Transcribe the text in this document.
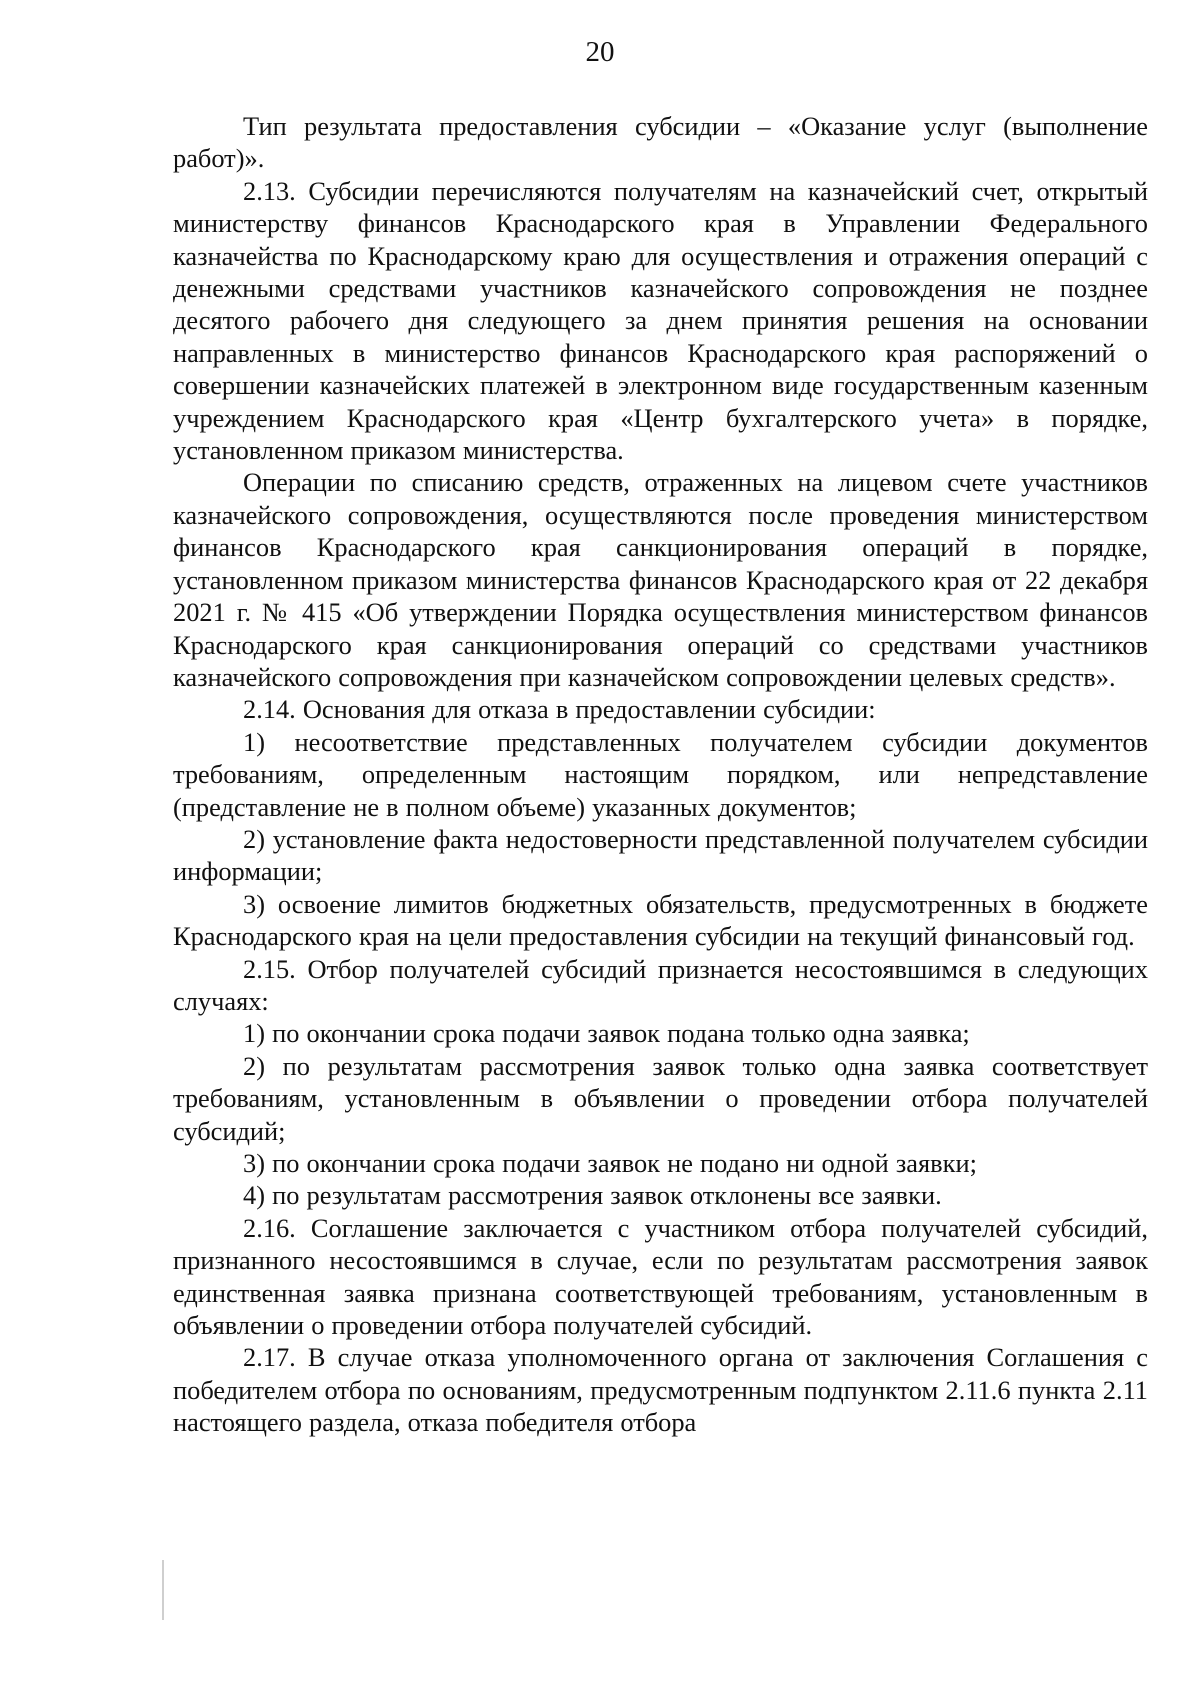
20

Тип результата предоставления субсидии – «Оказание услуг (выполнение работ)».

2.13. Субсидии перечисляются получателям на казначейский счет, открытый министерству финансов Краснодарского края в Управлении Федерального казначейства по Краснодарскому краю для осуществления и отражения операций с денежными средствами участников казначейского сопровождения не позднее десятого рабочего дня следующего за днем принятия решения на основании направленных в министерство финансов Краснодарского края распоряжений о совершении казначейских платежей в электронном виде государственным казенным учреждением Краснодарского края «Центр бухгалтерского учета» в порядке, установленном приказом министерства.

Операции по списанию средств, отраженных на лицевом счете участников казначейского сопровождения, осуществляются после проведения министерством финансов Краснодарского края санкционирования операций в порядке, установленном приказом министерства финансов Краснодарского края от 22 декабря 2021 г. № 415 «Об утверждении Порядка осуществления министерством финансов Краснодарского края санкционирования операций со средствами участников казначейского сопровождения при казначейском сопровождении целевых средств».

2.14. Основания для отказа в предоставлении субсидии:

1) несоответствие представленных получателем субсидии документов требованиям, определенным настоящим порядком, или непредставление (представление не в полном объеме) указанных документов;

2) установление факта недостоверности представленной получателем субсидии информации;

3) освоение лимитов бюджетных обязательств, предусмотренных в бюджете Краснодарского края на цели предоставления субсидии на текущий финансовый год.

2.15. Отбор получателей субсидий признается несостоявшимся в следующих случаях:

1) по окончании срока подачи заявок подана только одна заявка;

2) по результатам рассмотрения заявок только одна заявка соответствует требованиям, установленным в объявлении о проведении отбора получателей субсидий;

3) по окончании срока подачи заявок не подано ни одной заявки;

4) по результатам рассмотрения заявок отклонены все заявки.

2.16. Соглашение заключается с участником отбора получателей субсидий, признанного несостоявшимся в случае, если по результатам рассмотрения заявок единственная заявка признана соответствующей требованиям, установленным в объявлении о проведении отбора получателей субсидий.

2.17. В случае отказа уполномоченного органа от заключения Соглашения с победителем отбора по основаниям, предусмотренным подпунктом 2.11.6 пункта 2.11 настоящего раздела, отказа победителя отбора
